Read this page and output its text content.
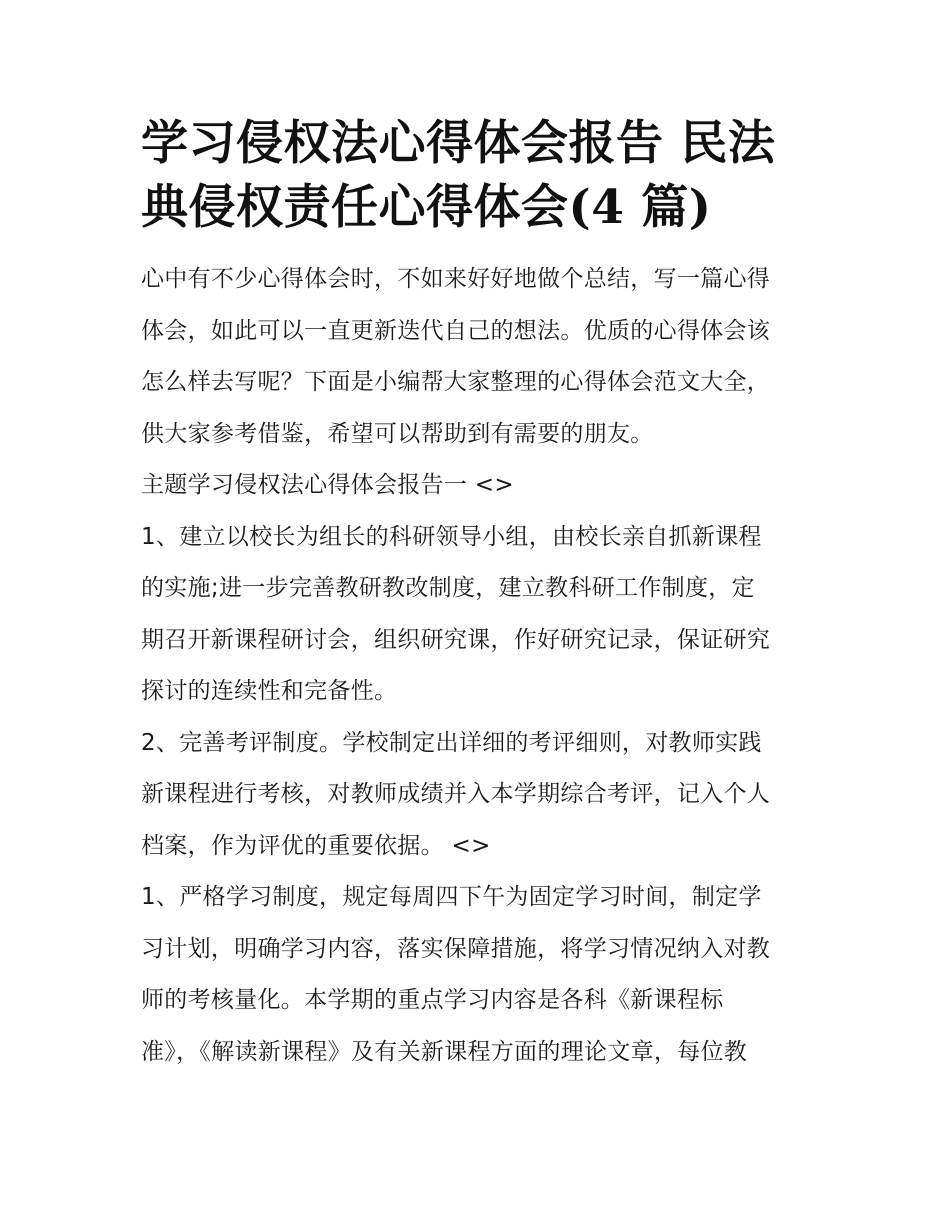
学习侵权法心得体会报告 民法
典侵权责任心得体会(4 篇)
心中有不少心得体会时，不如来好好地做个总结，写一篇心得
体会，如此可以一直更新迭代自己的想法。优质的心得体会该
怎么样去写呢？下面是小编帮大家整理的心得体会范文大全，
供大家参考借鉴，希望可以帮助到有需要的朋友。
主题学习侵权法心得体会报告一 <>
1、建立以校长为组长的科研领导小组，由校长亲自抓新课程
的实施;进一步完善教研教改制度，建立教科研工作制度，定
期召开新课程研讨会，组织研究课，作好研究记录，保证研究
探讨的连续性和完备性。
2、完善考评制度。学校制定出详细的考评细则，对教师实践
新课程进行考核，对教师成绩并入本学期综合考评，记入个人
档案，作为评优的重要依据。 <>
1、严格学习制度，规定每周四下午为固定学习时间，制定学
习计划，明确学习内容，落实保障措施，将学习情况纳入对教
师的考核量化。本学期的重点学习内容是各科《新课程标
准》，《解读新课程》及有关新课程方面的理论文章，每位教
